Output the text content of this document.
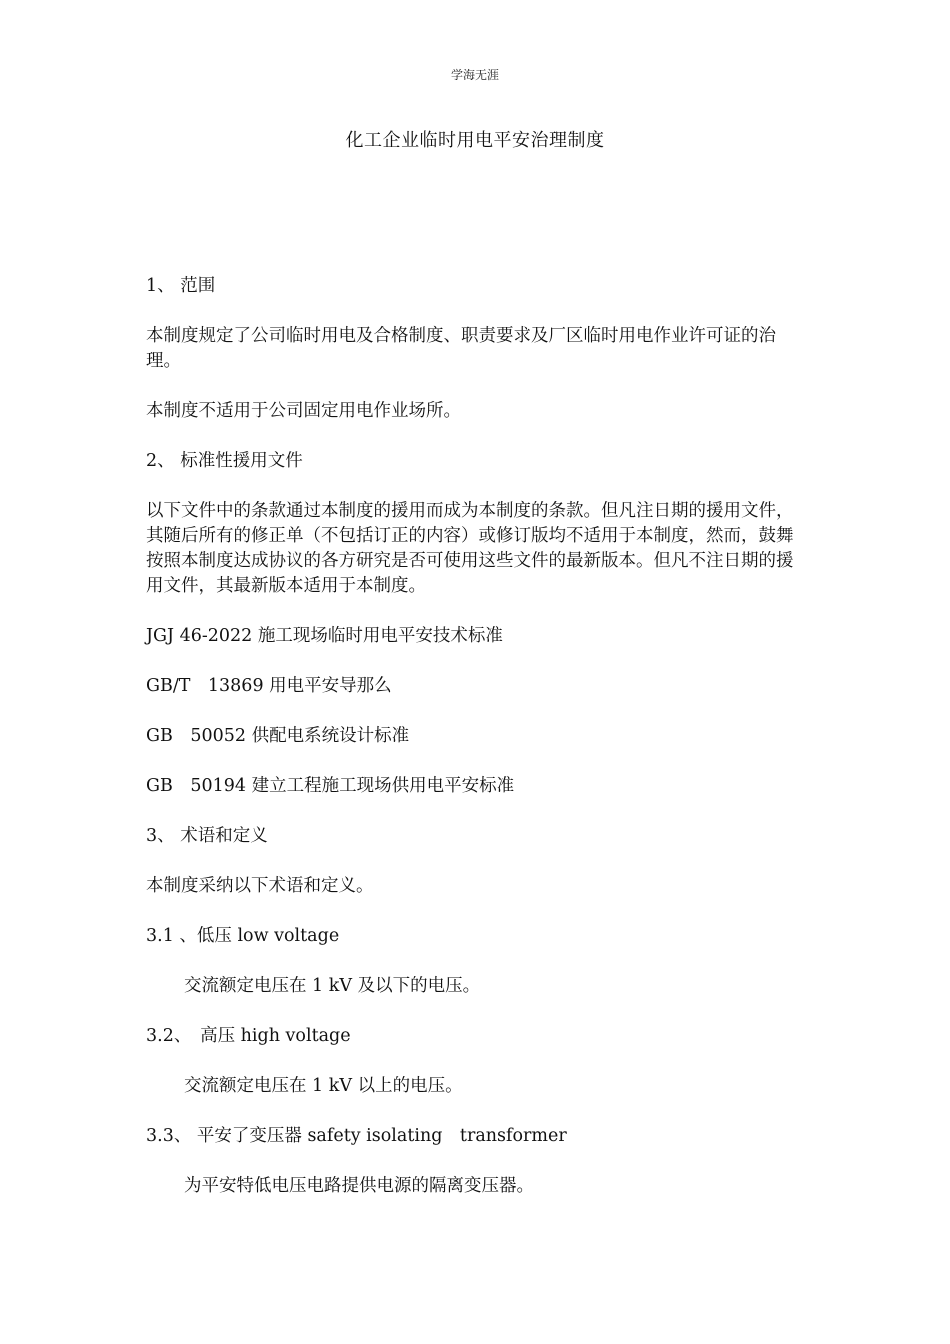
学海无涯
化工企业临时用电平安治理制度

1、 范围

本制度规定了公司临时用电及合格制度、职责要求及厂区临时用电作业许可证的治理。

本制度不适用于公司固定用电作业场所。

2、 标准性援用文件

以下文件中的条款通过本制度的援用而成为本制度的条款。但凡注日期的援用文件，其随后所有的修正单（不包括订正的内容）或修订版均不适用于本制度，然而，鼓舞按照本制度达成协议的各方研究是否可使用这些文件的最新版本。但凡不注日期的援用文件，其最新版本适用于本制度。

JGJ 46-2022 施工现场临时用电平安技术标准

GB/T　13869 用电平安导那么

GB　50052 供配电系统设计标准

GB　50194 建立工程施工现场供用电平安标准

3、 术语和定义

本制度采纳以下术语和定义。

3.1 、低压 low voltage

交流额定电压在 1 kV 及以下的电压。

3.2、　高压 high voltage

交流额定电压在 1 kV 以上的电压。

3.3、 平安了变压器 safety isolating　transformer

为平安特低电压电路提供电源的隔离变压器。
